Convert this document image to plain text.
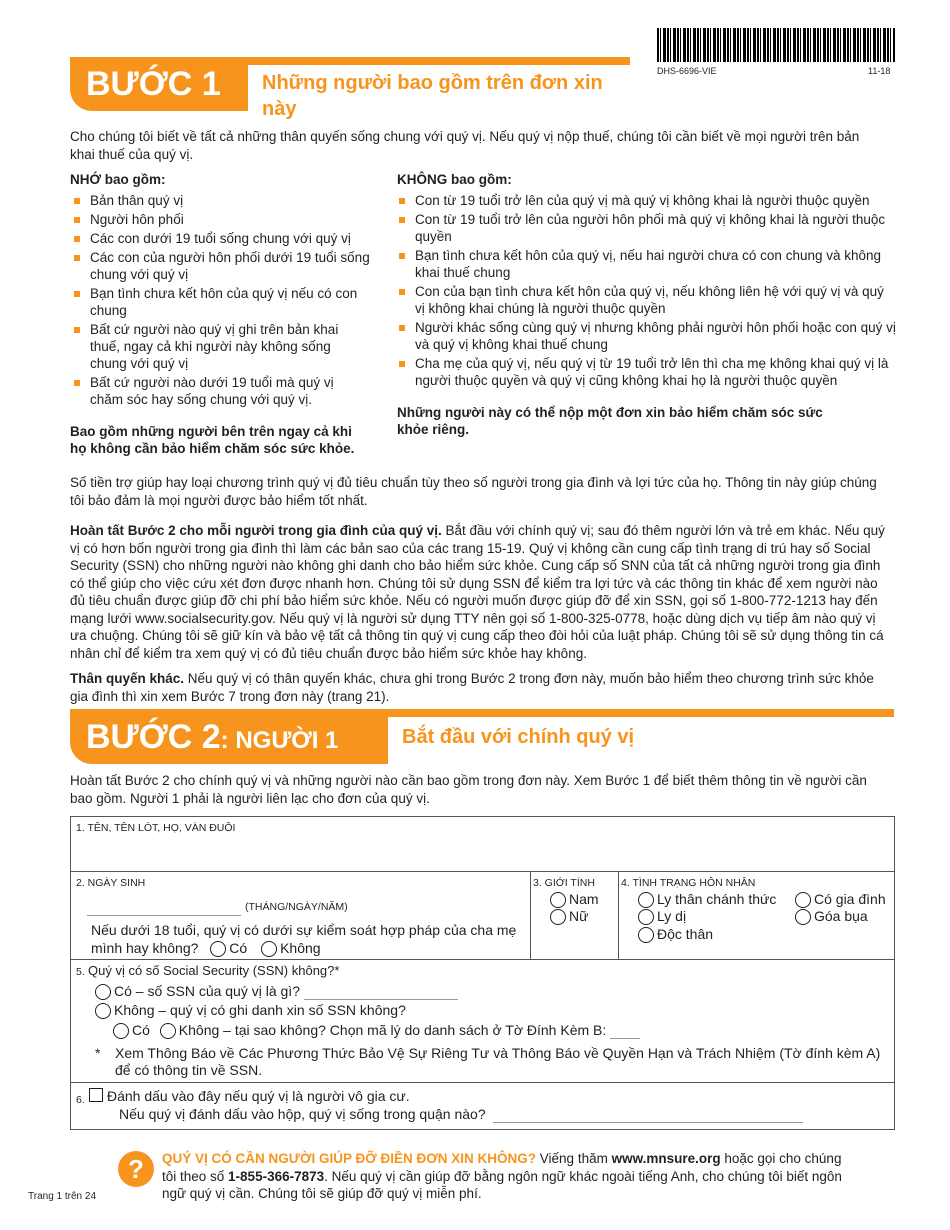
DHS-6696-VIE	11-18
BƯỚC 1 Những người bao gồm trên đơn xin này

Cho chúng tôi biết về tất cả những thân quyến sống chung với quý vị. Nếu quý vị nộp thuế, chúng tôi cần biết về mọi người trên bản khai thuế của quý vị.

NHỚ bao gồm:
Bản thân quý vị
Người hôn phối
Các con dưới 19 tuổi sống chung với quý vị
Các con của người hôn phối dưới 19 tuổi sống chung với quý vị
Bạn tình chưa kết hôn của quý vị nếu có con chung
Bất cứ người nào quý vị ghi trên bản khai thuế, ngay cả khi người này không sống chung với quý vị
Bất cứ người nào dưới 19 tuổi mà quý vị chăm sóc hay sống chung với quý vị.
Bao gồm những người bên trên ngay cả khi họ không cần bảo hiểm chăm sóc sức khỏe.
KHÔNG bao gồm:
Con từ 19 tuổi trở lên của quý vị mà quý vị không khai là người thuộc quyền
Con từ 19 tuổi trở lên của người hôn phối mà quý vị không khai là người thuộc quyền
Bạn tình chưa kết hôn của quý vị, nếu hai người chưa có con chung và không khai thuế chung
Con của bạn tình chưa kết hôn của quý vị, nếu không liên hệ với quý vị và quý vị không khai chúng là người thuộc quyền
Người khác sống cùng quý vị nhưng không phải người hôn phối hoặc con quý vị và quý vị không khai thuế chung
Cha mẹ của quý vị, nếu quý vị từ 19 tuổi trở lên thì cha mẹ không khai quý vị là người thuộc quyền và quý vị cũng không khai họ là người thuộc quyền
Những người này có thể nộp một đơn xin bảo hiểm chăm sóc sức khỏe riêng.

Số tiền trợ giúp hay loại chương trình quý vị đủ tiêu chuẩn tùy theo số người trong gia đình và lợi tức của họ. Thông tin này giúp chúng tôi bảo đảm là mọi người được bảo hiểm tốt nhất.

Hoàn tất Bước 2 cho mỗi người trong gia đình của quý vị. Bắt đầu với chính quý vị; sau đó thêm người lớn và trẻ em khác. Nếu quý vị có hơn bốn người trong gia đình thì làm các bản sao của các trang 15-19. Quý vị không cần cung cấp tình trạng di trú hay số Social Security (SSN) cho những người nào không ghi danh cho bảo hiểm sức khỏe. Cung cấp số SNN của tất cả những người trong gia đình có thể giúp cho việc cứu xét đơn được nhanh hơn. Chúng tôi sử dụng SSN để kiểm tra lợi tức và các thông tin khác để xem người nào đủ tiêu chuẩn được giúp đỡ chi phí bảo hiểm sức khỏe. Nếu có người muốn được giúp đỡ để xin SSN, gọi số 1-800-772-1213 hay đến mạng lưới www.socialsecurity.gov. Nếu quý vị là người sử dụng TTY nên gọi số 1-800-325-0778, hoặc dùng dịch vụ tiếp âm nào quý vị ưa chuộng. Chúng tôi sẽ giữ kín và bảo vệ tất cả thông tin quý vị cung cấp theo đòi hỏi của luật pháp. Chúng tôi sẽ sử dụng thông tin cá nhân chỉ để kiểm tra xem quý vị có đủ tiêu chuẩn được bảo hiểm sức khỏe hay không.

Thân quyến khác. Nếu quý vị có thân quyến khác, chưa ghi trong Bước 2 trong đơn này, muốn bảo hiểm theo chương trình sức khỏe gia đình thì xin xem Bước 7 trong đơn này (trang 21).

BƯỚC 2: NGƯỜI 1	Bắt đầu với chính quý vị

Hoàn tất Bước 2 cho chính quý vị và những người nào cần bao gồm trong đơn này. Xem Bước 1 để biết thêm thông tin về người cần bao gồm. Người 1 phải là người liên lạc cho đơn của quý vị.

1. TÊN, TÊN LÓT, HỌ, VÀN ĐUÔI
2. NGÀY SINH
(THÁNG/NGÀY/NĂM)
Nếu dưới 18 tuổi, quý vị có dưới sự kiểm soát hợp pháp của cha mẹ mình hay không? Có Không
3. GIỚI TÍNH
Nam
Nữ
4. TÌNH TRẠNG HÔN NHÂN
Ly thân chánh thức
Ly dị
Độc thân
Có gia đình
Góa bụa
5. Quý vị có số Social Security (SSN) không?*
Có – số SSN của quý vị là gì?
Không – quý vị có ghi danh xin số SSN không?
Có Không – tại sao không? Chọn mã lý do danh sách ở Tờ Đính Kèm B:
* Xem Thông Báo về Các Phương Thức Bảo Vệ Sự Riêng Tư và Thông Báo về Quyền Hạn và Trách Nhiệm (Tờ đính kèm A) để có thông tin về SSN.
6. Đánh dấu vào đây nếu quý vị là người vô gia cư.
Nếu quý vị đánh dấu vào hộp, quý vị sống trong quận nào?
?	QUÝ VỊ CÓ CẦN NGƯỜI GIÚP ĐỠ ĐIỀN ĐƠN XIN KHÔNG? Viếng thăm www.mnsure.org hoặc gọi cho chúng tôi theo số 1-855-366-7873. Nếu quý vị cần giúp đỡ bằng ngôn ngữ khác ngoài tiếng Anh, cho chúng tôi biết ngôn ngữ quý vị cần. Chúng tôi sẽ giúp đỡ quý vị miễn phí.

Trang 1 trên 24
